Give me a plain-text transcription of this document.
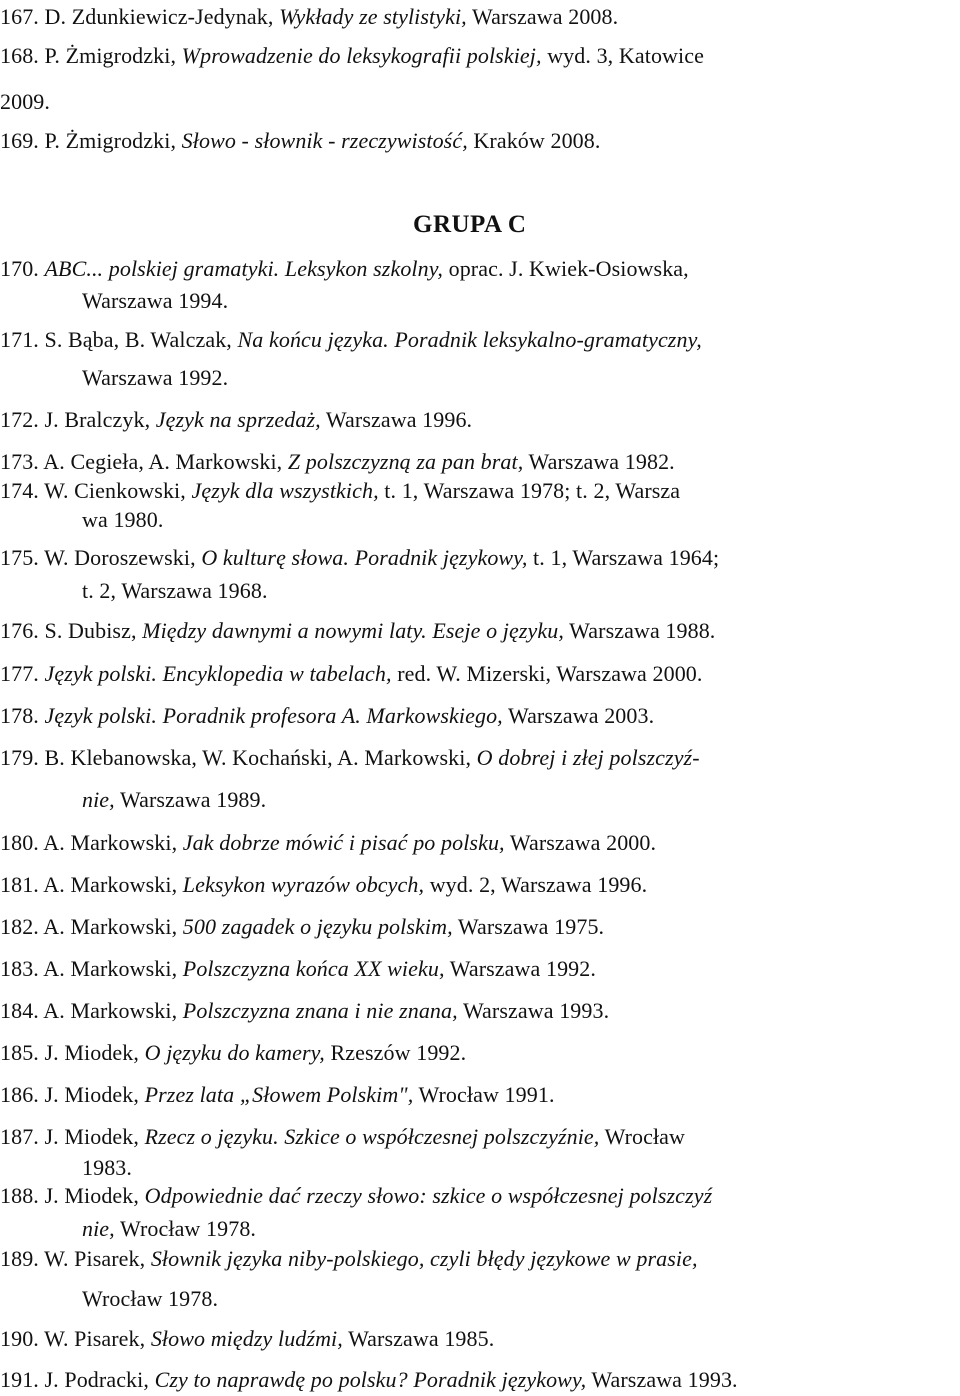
GRUPA C
167. D. Zdunkiewicz-Jedynak, Wykłady ze stylistyki, Warszawa 2008.
168. P. Żmigrodzki, Wprowadzenie do leksykografii polskiej, wyd. 3, Katowice
2009.
169. P. Żmigrodzki, Słowo - słownik - rzeczywistość, Kraków 2008.
170. ABC... polskiej gramatyki. Leksykon szkolny, oprac. J. Kwiek-Osiowska,
Warszawa 1994.
171. S. Bąba, B. Walczak, Na końcu języka. Poradnik leksykalno-gramatyczny,
Warszawa 1992.
172. J. Bralczyk, Język na sprzedaż, Warszawa 1996.
173. A. Cegieła, A. Markowski, Z polszczyzną za pan brat, Warszawa 1982.
174. W. Cienkowski, Język dla wszystkich, t. 1, Warszawa 1978; t. 2, Warsza
wa 1980.
175. W. Doroszewski, O kulturę słowa. Poradnik językowy, t. 1, Warszawa 1964;
t. 2, Warszawa 1968.
176. S. Dubisz, Między dawnymi a nowymi laty. Eseje o języku, Warszawa 1988.
177. Język polski. Encyklopedia w tabelach, red. W. Mizerski, Warszawa 2000.
178. Język polski. Poradnik profesora A. Markowskiego, Warszawa 2003.
179. B. Klebanowska, W. Kochański, A. Markowski, O dobrej i złej polszczyź-
nie, Warszawa 1989.
180. A. Markowski, Jak dobrze mówić i pisać po polsku, Warszawa 2000.
181. A. Markowski, Leksykon wyrazów obcych, wyd. 2, Warszawa 1996.
182. A. Markowski, 500 zagadek o języku polskim, Warszawa 1975.
183. A. Markowski, Polszczyzna końca XX wieku, Warszawa 1992.
184. A. Markowski, Polszczyzna znana i nie znana, Warszawa 1993.
185. J. Miodek, O języku do kamery, Rzeszów 1992.
186. J. Miodek, Przez lata „Słowem Polskim", Wrocław 1991.
187. J. Miodek, Rzecz o języku. Szkice o współczesnej polszczyźnie, Wrocław
1983.
188. J. Miodek, Odpowiednie dać rzeczy słowo: szkice o współczesnej polszczyź
nie, Wrocław 1978.
189. W. Pisarek, Słownik języka niby-polskiego, czyli błędy językowe w prasie,
Wrocław 1978.
190. W. Pisarek, Słowo między ludźmi, Warszawa 1985.
191. J. Podracki, Czy to naprawdę po polsku? Poradnik językowy, Warszawa 1993.
